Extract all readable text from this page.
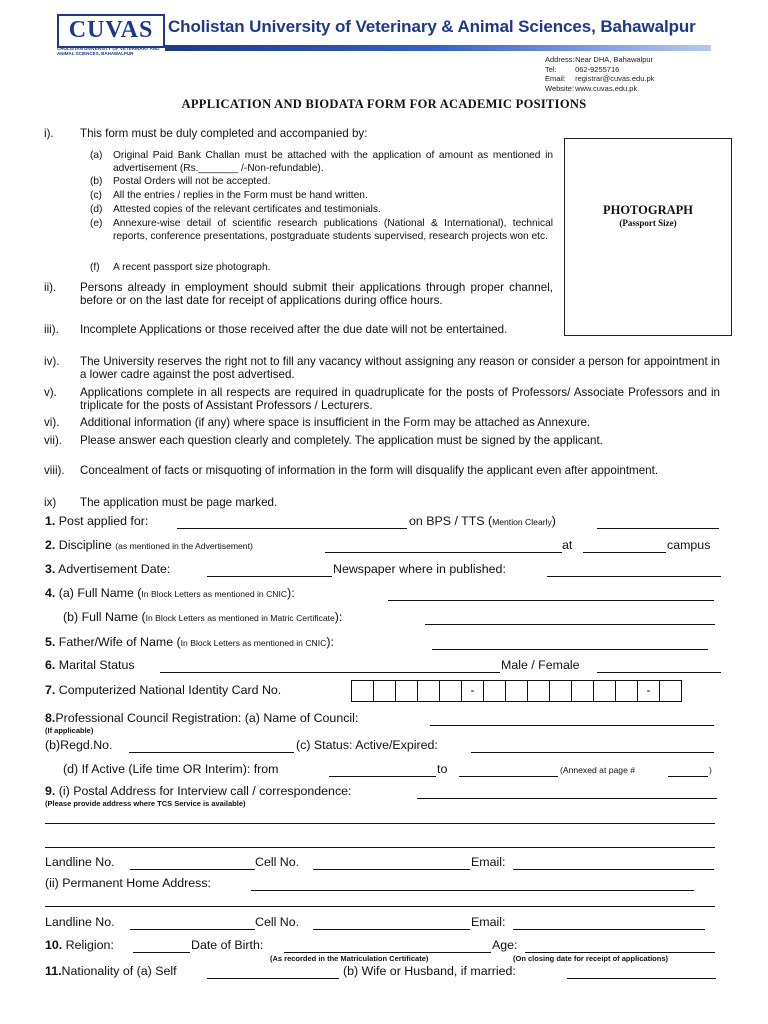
CUVAS
CHOLISTAN UNIVERSITY OF VETERINARY AND ANIMAL SCIENCES, BAHAWALPUR
Cholistan University of Veterinary & Animal Sciences, Bahawalpur
Address: Near DHA, Bahawalpur
Tel: 062-9255716
Email: registrar@cuvas.edu.pk
Website: www.cuvas.edu.pk
APPLICATION AND BIODATA FORM FOR ACADEMIC POSITIONS
PHOTOGRAPH
(Passport Size)
i). This form must be duly completed and accompanied by:
(a) Original Paid Bank Challan must be attached with the application of amount as mentioned in advertisement (Rs._______ /-Non-refundable).
(b) Postal Orders will not be accepted.
(c) All the entries / replies in the Form must be hand written.
(d) Attested copies of the relevant certificates and testimonials.
(e) Annexure-wise detail of scientific research publications (National & International), technical reports, conference presentations, postgraduate students supervised, research projects won etc.
(f) A recent passport size photograph.
ii). Persons already in employment should submit their applications through proper channel, before or on the last date for receipt of applications during office hours.
iii). Incomplete Applications or those received after the due date will not be entertained.
iv). The University reserves the right not to fill any vacancy without assigning any reason or consider a person for appointment in a lower cadre against the post advertised.
v). Applications complete in all respects are required in quadruplicate for the posts of Professors/ Associate Professors and in triplicate for the posts of Assistant Professors / Lecturers.
vi). Additional information (if any) where space is insufficient in the Form may be attached as Annexure.
vii). Please answer each question clearly and completely. The application must be signed by the applicant.
viii). Concealment of facts or misquoting of information in the form will disqualify the applicant even after appointment.
ix) The application must be page marked.
1. Post applied for:	on BPS / TTS (Mention Clearly)
2. Discipline (as mentioned in the Advertisement)	at	campus
3. Advertisement Date:	Newspaper where in published:
4. (a) Full Name (In Block Letters as mentioned in CNIC):
(b) Full Name (In Block Letters as mentioned in Matric Certificate):
5. Father/Wife of Name (In Block Letters as mentioned in CNIC):
6. Marital Status	Male / Female
7. Computerized National Identity Card No.	-	-
8.Professional Council Registration: (a) Name of Council:
(If applicable)
(b)Regd.No.	(c) Status: Active/Expired:
(d) If Active (Life time OR Interim): from	to	(Annexed at page #	)
9. (i) Postal Address for Interview call / correspondence:
(Please provide address where TCS Service is available)
Landline No.	Cell No.	Email:
(ii) Permanent Home Address:
Landline No.	Cell No.	Email:
10. Religion:	Date of Birth:	Age:
(As recorded in the Matriculation Certificate)	(On closing date for receipt of applications)
11.Nationality of (a) Self	(b) Wife or Husband, if married:
